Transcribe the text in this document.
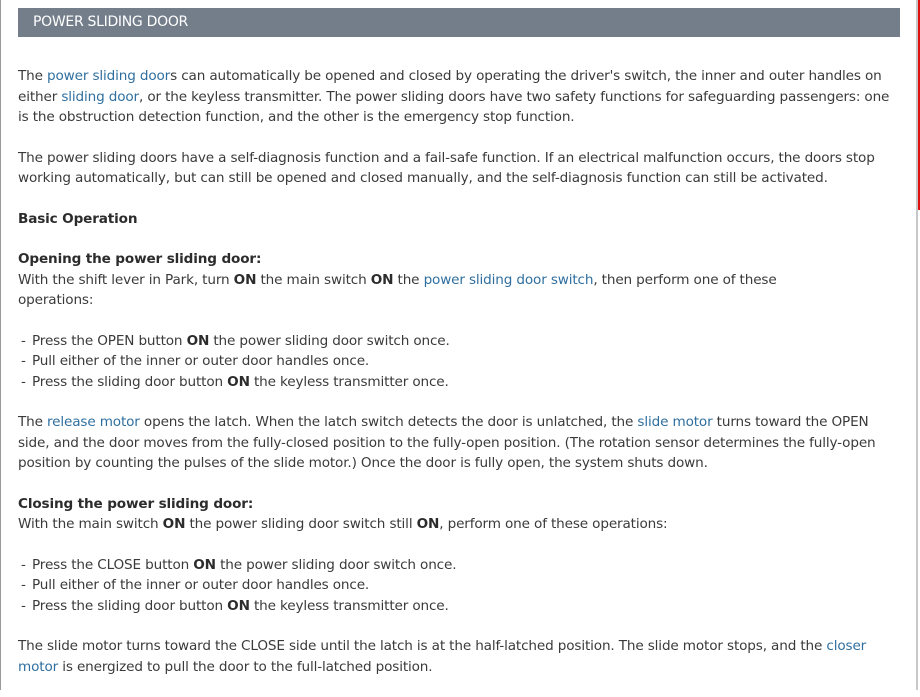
POWER SLIDING DOOR

The power sliding doors can automatically be opened and closed by operating the driver's switch, the inner and outer handles on either sliding door, or the keyless transmitter. The power sliding doors have two safety functions for safeguarding passengers: one is the obstruction detection function, and the other is the emergency stop function.

The power sliding doors have a self-diagnosis function and a fail-safe function. If an electrical malfunction occurs, the doors stop working automatically, but can still be opened and closed manually, and the self-diagnosis function can still be activated.

Basic Operation

Opening the power sliding door:
With the shift lever in Park, turn ON the main switch ON the power sliding door switch, then perform one of these
operations:
- Press the OPEN button ON the power sliding door switch once.
- Pull either of the inner or outer door handles once.
- Press the sliding door button ON the keyless transmitter once.

The release motor opens the latch. When the latch switch detects the door is unlatched, the slide motor turns toward the OPEN side, and the door moves from the fully-closed position to the fully-open position. (The rotation sensor determines the fully-open position by counting the pulses of the slide motor.) Once the door is fully open, the system shuts down.

Closing the power sliding door:
With the main switch ON the power sliding door switch still ON, perform one of these operations:
- Press the CLOSE button ON the power sliding door switch once.
- Pull either of the inner or outer door handles once.
- Press the sliding door button ON the keyless transmitter once.

The slide motor turns toward the CLOSE side until the latch is at the half-latched position. The slide motor stops, and the closer motor is energized to pull the door to the full-latched position.
